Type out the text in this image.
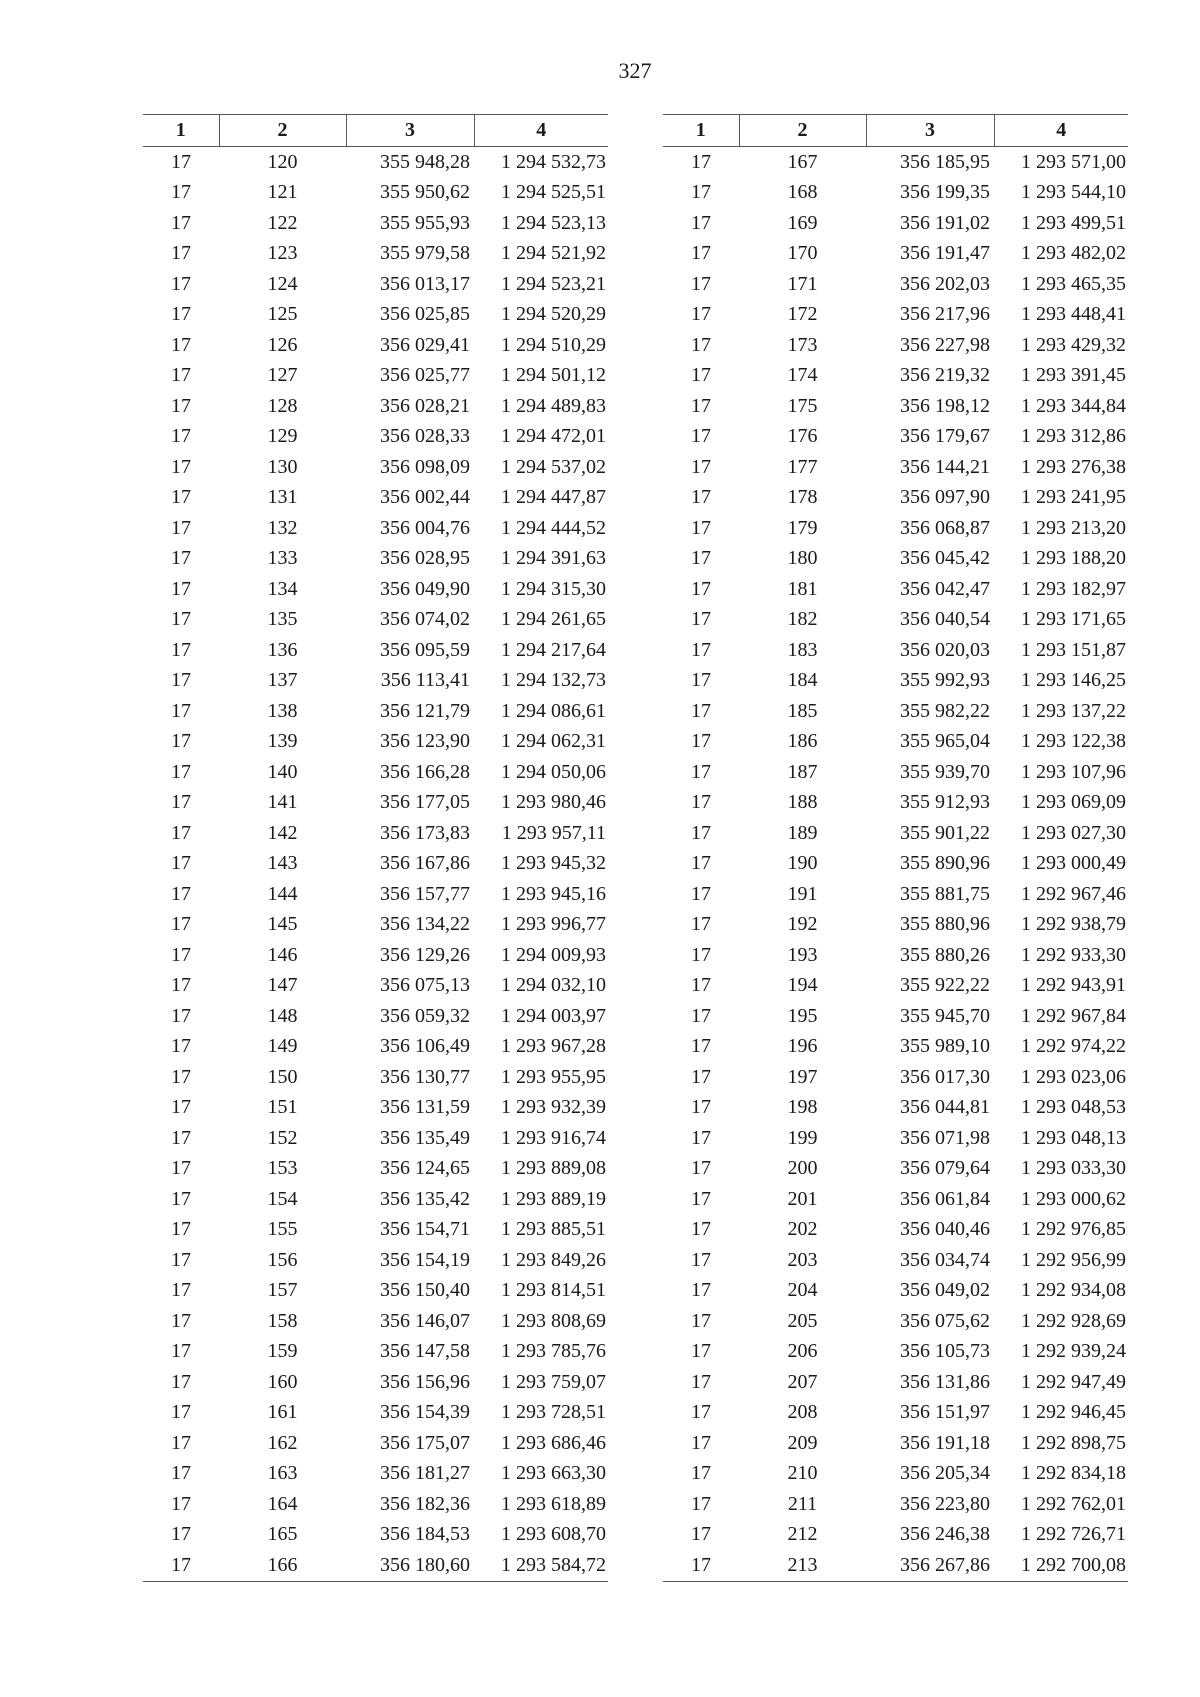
327
1	2	3	4
17	120	355 948,28	1 294 532,73
17	121	355 950,62	1 294 525,51
17	122	355 955,93	1 294 523,13
17	123	355 979,58	1 294 521,92
17	124	356 013,17	1 294 523,21
17	125	356 025,85	1 294 520,29
17	126	356 029,41	1 294 510,29
17	127	356 025,77	1 294 501,12
17	128	356 028,21	1 294 489,83
17	129	356 028,33	1 294 472,01
17	130	356 098,09	1 294 537,02
17	131	356 002,44	1 294 447,87
17	132	356 004,76	1 294 444,52
17	133	356 028,95	1 294 391,63
17	134	356 049,90	1 294 315,30
17	135	356 074,02	1 294 261,65
17	136	356 095,59	1 294 217,64
17	137	356 113,41	1 294 132,73
17	138	356 121,79	1 294 086,61
17	139	356 123,90	1 294 062,31
17	140	356 166,28	1 294 050,06
17	141	356 177,05	1 293 980,46
17	142	356 173,83	1 293 957,11
17	143	356 167,86	1 293 945,32
17	144	356 157,77	1 293 945,16
17	145	356 134,22	1 293 996,77
17	146	356 129,26	1 294 009,93
17	147	356 075,13	1 294 032,10
17	148	356 059,32	1 294 003,97
17	149	356 106,49	1 293 967,28
17	150	356 130,77	1 293 955,95
17	151	356 131,59	1 293 932,39
17	152	356 135,49	1 293 916,74
17	153	356 124,65	1 293 889,08
17	154	356 135,42	1 293 889,19
17	155	356 154,71	1 293 885,51
17	156	356 154,19	1 293 849,26
17	157	356 150,40	1 293 814,51
17	158	356 146,07	1 293 808,69
17	159	356 147,58	1 293 785,76
17	160	356 156,96	1 293 759,07
17	161	356 154,39	1 293 728,51
17	162	356 175,07	1 293 686,46
17	163	356 181,27	1 293 663,30
17	164	356 182,36	1 293 618,89
17	165	356 184,53	1 293 608,70
17	166	356 180,60	1 293 584,72
1	2	3	4
17	167	356 185,95	1 293 571,00
17	168	356 199,35	1 293 544,10
17	169	356 191,02	1 293 499,51
17	170	356 191,47	1 293 482,02
17	171	356 202,03	1 293 465,35
17	172	356 217,96	1 293 448,41
17	173	356 227,98	1 293 429,32
17	174	356 219,32	1 293 391,45
17	175	356 198,12	1 293 344,84
17	176	356 179,67	1 293 312,86
17	177	356 144,21	1 293 276,38
17	178	356 097,90	1 293 241,95
17	179	356 068,87	1 293 213,20
17	180	356 045,42	1 293 188,20
17	181	356 042,47	1 293 182,97
17	182	356 040,54	1 293 171,65
17	183	356 020,03	1 293 151,87
17	184	355 992,93	1 293 146,25
17	185	355 982,22	1 293 137,22
17	186	355 965,04	1 293 122,38
17	187	355 939,70	1 293 107,96
17	188	355 912,93	1 293 069,09
17	189	355 901,22	1 293 027,30
17	190	355 890,96	1 293 000,49
17	191	355 881,75	1 292 967,46
17	192	355 880,96	1 292 938,79
17	193	355 880,26	1 292 933,30
17	194	355 922,22	1 292 943,91
17	195	355 945,70	1 292 967,84
17	196	355 989,10	1 292 974,22
17	197	356 017,30	1 293 023,06
17	198	356 044,81	1 293 048,53
17	199	356 071,98	1 293 048,13
17	200	356 079,64	1 293 033,30
17	201	356 061,84	1 293 000,62
17	202	356 040,46	1 292 976,85
17	203	356 034,74	1 292 956,99
17	204	356 049,02	1 292 934,08
17	205	356 075,62	1 292 928,69
17	206	356 105,73	1 292 939,24
17	207	356 131,86	1 292 947,49
17	208	356 151,97	1 292 946,45
17	209	356 191,18	1 292 898,75
17	210	356 205,34	1 292 834,18
17	211	356 223,80	1 292 762,01
17	212	356 246,38	1 292 726,71
17	213	356 267,86	1 292 700,08
